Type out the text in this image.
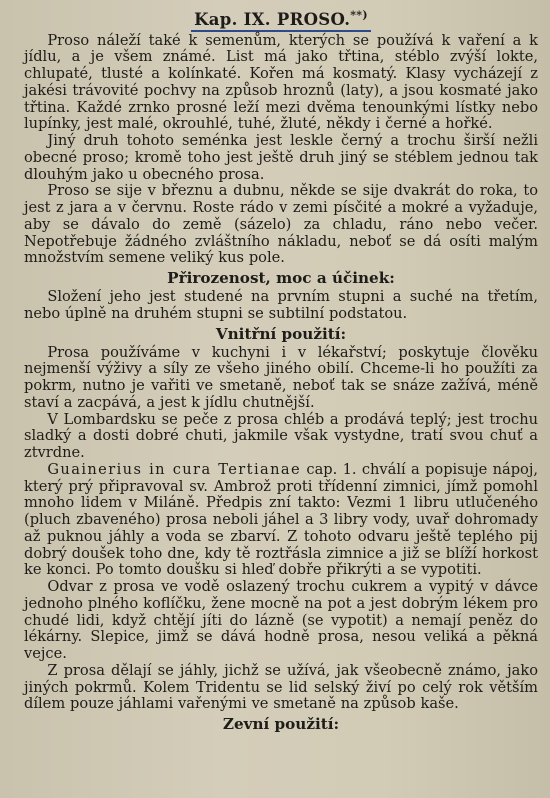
Kap. IX. PROSO.**)

Proso náleží také k semenům, kterých se používá k vaření a k jídlu, a je všem známé. List má jako třtina, stéblo zvýší lokte, chlupaté, tlusté a kolínkaté. Kořen má kosmatý. Klasy vycházejí z jakési trávovité pochvy na způsob hroznů (laty), a jsou kosmaté jako třtina. Každé zrnko prosné leží mezi dvěma tenounkými lístky nebo lupínky, jest malé, okrouhlé, tuhé, žluté, někdy i černé a hořké.

Jiný druh tohoto seménka jest leskle černý a trochu širší nežli obecné proso; kromě toho jest ještě druh jiný se stéblem jednou tak dlouhým jako u obecného prosa.

Proso se sije v březnu a dubnu, někde se sije dvakrát do roka, to jest z jara a v červnu. Roste rádo v zemi písčité a mokré a vyžaduje, aby se dávalo do země (sázelo) za chladu, ráno nebo večer. Nepotřebuje žádného zvláštního nákladu, neboť se dá osíti malým množstvím semene veliký kus pole.

Přirozenost, moc a účinek:

Složení jeho jest studené na prvním stupni a suché na třetím, nebo úplně na druhém stupni se subtilní podstatou.

Vnitřní použití:

Prosa používáme v kuchyni i v lékařství; poskytuje člověku nejmenší výživy a síly ze všeho jiného obilí. Chceme-li ho použíti za pokrm, nutno je vařiti ve smetaně, neboť tak se snáze zažívá, méně staví a zacpává, a jest k jídlu chutnější.

V Lombardsku se peče z prosa chléb a prodává teplý; jest trochu sladký a dosti dobré chuti, jakmile však vystydne, tratí svou chuť a ztvrdne.

Guainerius in cura Tertianae cap. 1. chválí a popisuje nápoj, který prý připravoval sv. Ambrož proti třídenní zimnici, jímž pomohl mnoho lidem v Miláně. Předpis zní takto: Vezmi 1 libru utlučeného (pluch zbaveného) prosa neboli jáhel a 3 libry vody, uvař dohromady až puknou jáhly a voda se zbarví. Z tohoto odvaru ještě teplého pij dobrý doušek toho dne, kdy tě roztřásla zimnice a již se blíží horkost ke konci. Po tomto doušku si hleď dobře přikrýti a se vypotiti.

Odvar z prosa ve vodě oslazený trochu cukrem a vypitý v dávce jednoho plného koflíčku, žene mocně na pot a jest dobrým lékem pro chudé lidi, když chtějí jíti do lázně (se vypotit) a nemají peněz do lékárny. Slepice, jimž se dává hodně prosa, nesou veliká a pěkná vejce.

Z prosa dělají se jáhly, jichž se užívá, jak všeobecně známo, jako jiných pokrmů. Kolem Tridentu se lid selský živí po celý rok větším dílem pouze jáhlami vařenými ve smetaně na způsob kaše.

Zevní použití:
